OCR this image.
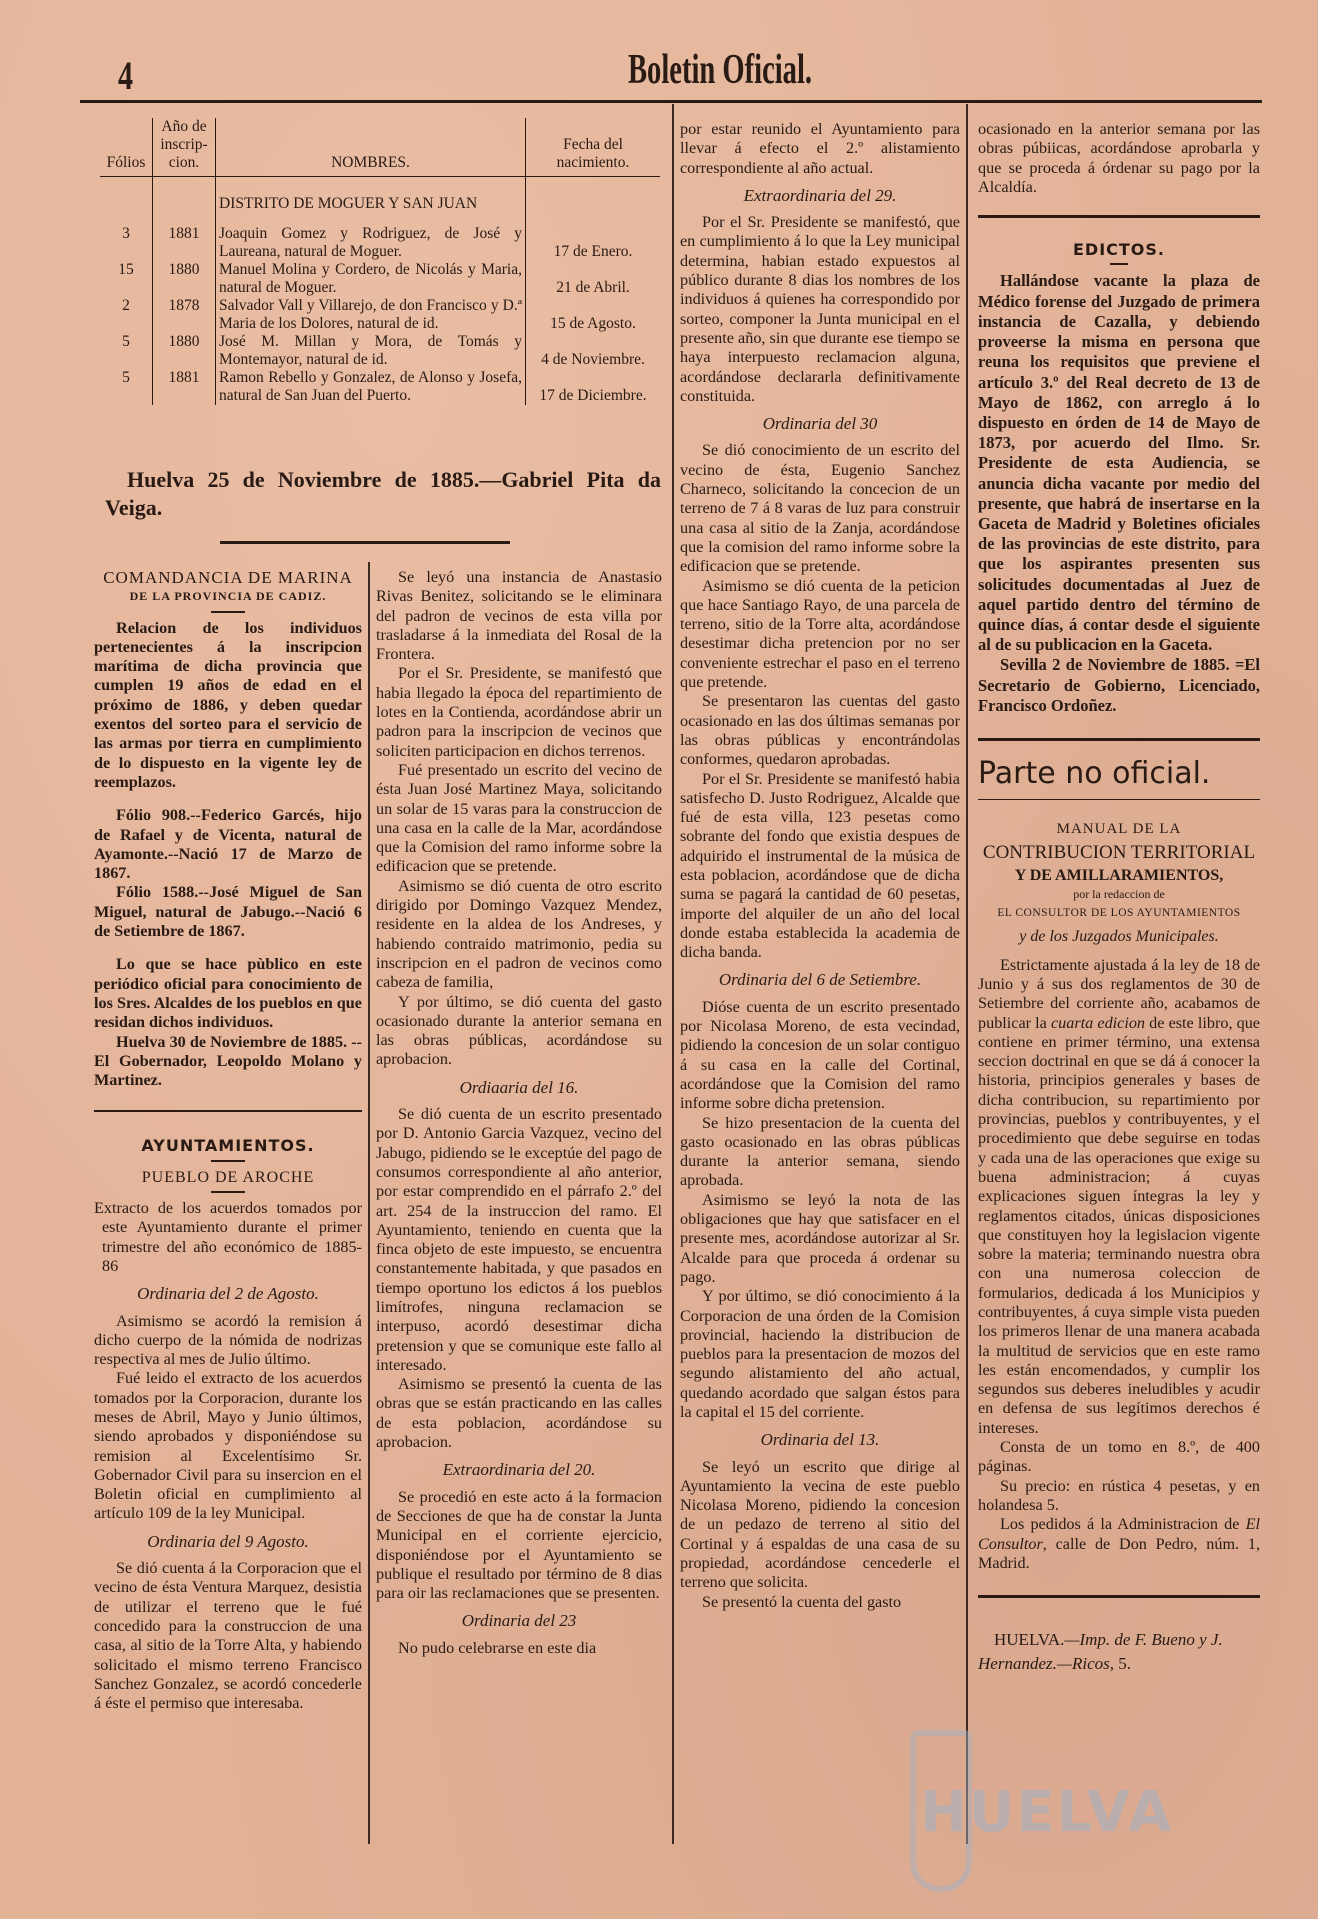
4	Boletin Oficial.
Fólios	Año de inscrip-cion.	NOMBRES.	Fecha del nacimiento.
		DISTRITO DE MOGUER Y SAN JUAN	
3	1881	Joaquin Gomez y Rodriguez, de José y Laureana, natural de Moguer.	17 de Enero.
15	1880	Manuel Molina y Cordero, de Nicolás y Maria, natural de Moguer.	21 de Abril.
2	1878	Salvador Vall y Villarejo, de don Francisco y D.ª Maria de los Dolores, natural de id.	15 de Agosto.
5	1880	José M. Millan y Mora, de Tomás y Montemayor, natural de id.	4 de Noviembre.
5	1881	Ramon Rebello y Gonzalez, de Alonso y Josefa, natural de San Juan del Puerto.	17 de Diciembre.

Huelva 25 de Noviembre de 1885.—Gabriel Pita da Veiga.

COMANDANCIA DE MARINA

DE LA PROVINCIA DE CADIZ.

Relacion de los individuos pertenecientes á la inscripcion marítima de dicha provincia que cumplen 19 años de edad en el próximo de 1886, y deben quedar exentos del sorteo para el servicio de las armas por tierra en cumplimiento de lo dispuesto en la vigente ley de reemplazos.

Fólio 908.--Federico Garcés, hijo de Rafael y de Vicenta, natural de Ayamonte.--Nació 17 de Marzo de 1867.

Fólio 1588.--José Miguel de San Miguel, natural de Jabugo.--Nació 6 de Setiembre de 1867.

Lo que se hace pùblico en este periódico oficial para conocimiento de los Sres. Alcaldes de los pueblos en que residan dichos individuos.

Huelva 30 de Noviembre de 1885. --El Gobernador, Leopoldo Molano y Martinez.

AYUNTAMIENTOS.

PUEBLO DE AROCHE

Extracto de los acuerdos tomados por este Ayuntamiento durante el primer trimestre del año económico de 1885-86

Ordinaria del 2 de Agosto.

Asimismo se acordó la remision á dicho cuerpo de la nómida de nodrizas respectiva al mes de Julio último.

Fué leido el extracto de los acuerdos tomados por la Corporacion, durante los meses de Abril, Mayo y Junio últimos, siendo aprobados y disponiéndose su remision al Excelentísimo Sr. Gobernador Civil para su insercion en el Boletin oficial en cumplimiento al artículo 109 de la ley Municipal.

Ordinaria del 9 Agosto.

Se dió cuenta á la Corporacion que el vecino de ésta Ventura Marquez, desistia de utilizar el terreno que le fué concedido para la construccion de una casa, al sitio de la Torre Alta, y habiendo solicitado el mismo terreno Francisco Sanchez Gonzalez, se acordó concederle á éste el permiso que interesaba.

Se leyó una instancia de Anastasio Rivas Benitez, solicitando se le eliminara del padron de vecinos de esta villa por trasladarse á la inmediata del Rosal de la Frontera.

Por el Sr. Presidente, se manifestó que habia llegado la época del repartimiento de lotes en la Contienda, acordándose abrir un padron para la inscripcion de vecinos que soliciten participacion en dichos terrenos.

Fué presentado un escrito del vecino de ésta Juan José Martinez Maya, solicitando un solar de 15 varas para la construccion de una casa en la calle de la Mar, acordándose que la Comision del ramo informe sobre la edificacion que se pretende.

Asimismo se dió cuenta de otro escrito dirigido por Domingo Vazquez Mendez, residente en la aldea de los Andreses, y habiendo contraido matrimonio, pedia su inscripcion en el padron de vecinos como cabeza de familia,

Y por último, se dió cuenta del gasto ocasionado durante la anterior semana en las obras públicas, acordándose su aprobacion.

Ordiaaria del 16.

Se dió cuenta de un escrito presentado por D. Antonio Garcia Vazquez, vecino del Jabugo, pidiendo se le exceptúe del pago de consumos correspondiente al año anterior, por estar comprendido en el párrafo 2.º del art. 254 de la instruccion del ramo. El Ayuntamiento, teniendo en cuenta que la finca objeto de este impuesto, se encuentra constantemente habitada, y que pasados en tiempo oportuno los edictos á los pueblos limítrofes, ninguna reclamacion se interpuso, acordó desestimar dicha pretension y que se comunique este fallo al interesado.

Asimismo se presentó la cuenta de las obras que se están practicando en las calles de esta poblacion, acordándose su aprobacion.

Extraordinaria del 20.

Se procedió en este acto á la formacion de Secciones de que ha de constar la Junta Municipal en el corriente ejercicio, disponiéndose por el Ayuntamiento se publique el resultado por término de 8 dias para oir las reclamaciones que se presenten.

Ordinaria del 23

No pudo celebrarse en este dia

por estar reunido el Ayuntamiento para llevar á efecto el 2.º alistamiento correspondiente al año actual.

Extraordinaria del 29.

Por el Sr. Presidente se manifestó, que en cumplimiento á lo que la Ley municipal determina, habian estado expuestos al público durante 8 dias los nombres de los individuos á quienes ha correspondido por sorteo, componer la Junta municipal en el presente año, sin que durante ese tiempo se haya interpuesto reclamacion alguna, acordándose declararla definitivamente constituida.

Ordinaria del 30

Se dió conocimiento de un escrito del vecino de ésta, Eugenio Sanchez Charneco, solicitando la concecion de un terreno de 7 á 8 varas de luz para construir una casa al sitio de la Zanja, acordándose que la comision del ramo informe sobre la edificacion que se pretende.

Asimismo se dió cuenta de la peticion que hace Santiago Rayo, de una parcela de terreno, sitio de la Torre alta, acordándose desestimar dicha pretencion por no ser conveniente estrechar el paso en el terreno que pretende.

Se presentaron las cuentas del gasto ocasionado en las dos últimas semanas por las obras públicas y encontrándolas conformes, quedaron aprobadas.

Por el Sr. Presidente se manifestó habia satisfecho D. Justo Rodriguez, Alcalde que fué de esta villa, 123 pesetas como sobrante del fondo que existia despues de adquirido el instrumental de la música de esta poblacion, acordándose que de dicha suma se pagará la cantidad de 60 pesetas, importe del alquiler de un año del local donde estaba establecida la academia de dicha banda.

Ordinaria del 6 de Setiembre.

Dióse cuenta de un escrito presentado por Nicolasa Moreno, de esta vecindad, pidiendo la concesion de un solar contiguo á su casa en la calle del Cortinal, acordándose que la Comision del ramo informe sobre dicha pretension.

Se hizo presentacion de la cuenta del gasto ocasionado en las obras públicas durante la anterior semana, siendo aprobada.

Asimismo se leyó la nota de las obligaciones que hay que satisfacer en el presente mes, acordándose autorizar al Sr. Alcalde para que proceda á ordenar su pago.

Y por último, se dió conocimiento á la Corporacion de una órden de la Comision provincial, haciendo la distribucion de pueblos para la presentacion de mozos del segundo alistamiento del año actual, quedando acordado que salgan éstos para la capital el 15 del corriente.

Ordinaria del 13.

Se leyó un escrito que dirige al Ayuntamiento la vecina de este pueblo Nicolasa Moreno, pidiendo la concesion de un pedazo de terreno al sitio del Cortinal y á espaldas de una casa de su propiedad, acordándose cencederle el terreno que solicita.

Se presentó la cuenta del gasto

ocasionado en la anterior semana por las obras púbiicas, acordándose aprobarla y que se proceda á órdenar su pago por la Alcaldía.

EDICTOS.

Hallándose vacante la plaza de Médico forense del Juzgado de primera instancia de Cazalla, y debiendo proveerse la misma en persona que reuna los requisitos que previene el artículo 3.º del Real decreto de 13 de Mayo de 1862, con arreglo á lo dispuesto en órden de 14 de Mayo de 1873, por acuerdo del Ilmo. Sr. Presidente de esta Audiencia, se anuncia dicha vacante por medio del presente, que habrá de insertarse en la Gaceta de Madrid y Boletines oficiales de las provincias de este distrito, para que los aspirantes presenten sus solicitudes documentadas al Juez de aquel partido dentro del término de quince días, á contar desde el siguiente al de su publicacion en la Gaceta.

Sevilla 2 de Noviembre de 1885. =El Secretario de Gobierno, Licenciado, Francisco Ordoñez.

Parte no oficial.

MANUAL DE LA

CONTRIBUCION TERRITORIAL

Y DE AMILLARAMIENTOS,

por la redaccion de

EL CONSULTOR DE LOS AYUNTAMIENTOS

y de los Juzgados Municipales.

Estrictamente ajustada á la ley de 18 de Junio y á sus dos reglamentos de 30 de Setiembre del corriente año, acabamos de publicar la cuarta edicion de este libro, que contiene en primer término, una extensa seccion doctrinal en que se dá á conocer la historia, principios generales y bases de dicha contribucion, su repartimiento por provincias, pueblos y contribuyentes, y el procedimiento que debe seguirse en todas y cada una de las operaciones que exige su buena administracion; á cuyas explicaciones siguen íntegras la ley y reglamentos citados, únicas disposiciones que constituyen hoy la legislacion vigente sobre la materia; terminando nuestra obra con una numerosa coleccion de formularios, dedicada á los Municipios y contribuyentes, á cuya simple vista pueden los primeros llenar de una manera acabada la multitud de servicios que en este ramo les están encomendados, y cumplir los segundos sus deberes ineludibles y acudir en defensa de sus legítimos derechos é intereses.

Consta de un tomo en 8.º, de 400 páginas.

Su precio: en rústica 4 pesetas, y en holandesa 5.

Los pedidos á la Administracion de El Consultor, calle de Don Pedro, núm. 1, Madrid.

HUELVA.—Imp. de F. Bueno y J. Hernandez.—Ricos, 5.

HUELVA
